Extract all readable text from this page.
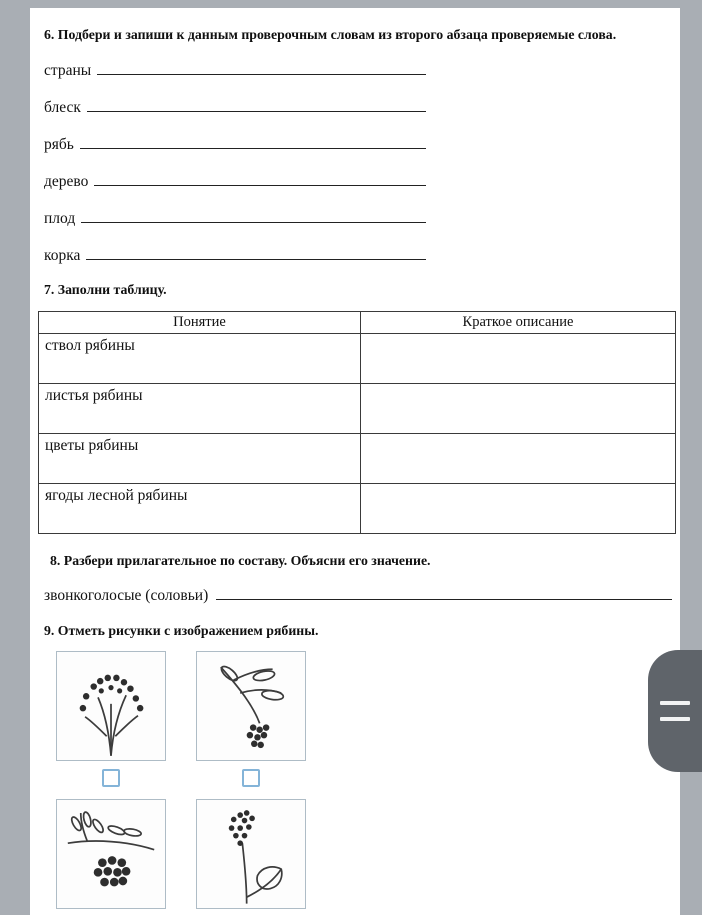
6. Подбери и запиши к данным проверочным словам из второго абзаца проверяемые слова.
страны
блеск
рябь
дерево
плод
корка
7. Заполни таблицу.
Понятие	Краткое описание
ствол рябины	
листья рябины	
цветы рябины	
ягоды лесной рябины	
8. Разбери прилагательное по составу. Объясни его значение.
звонкоголосые (соловьи)
9. Отметь рисунки с изображением рябины.
